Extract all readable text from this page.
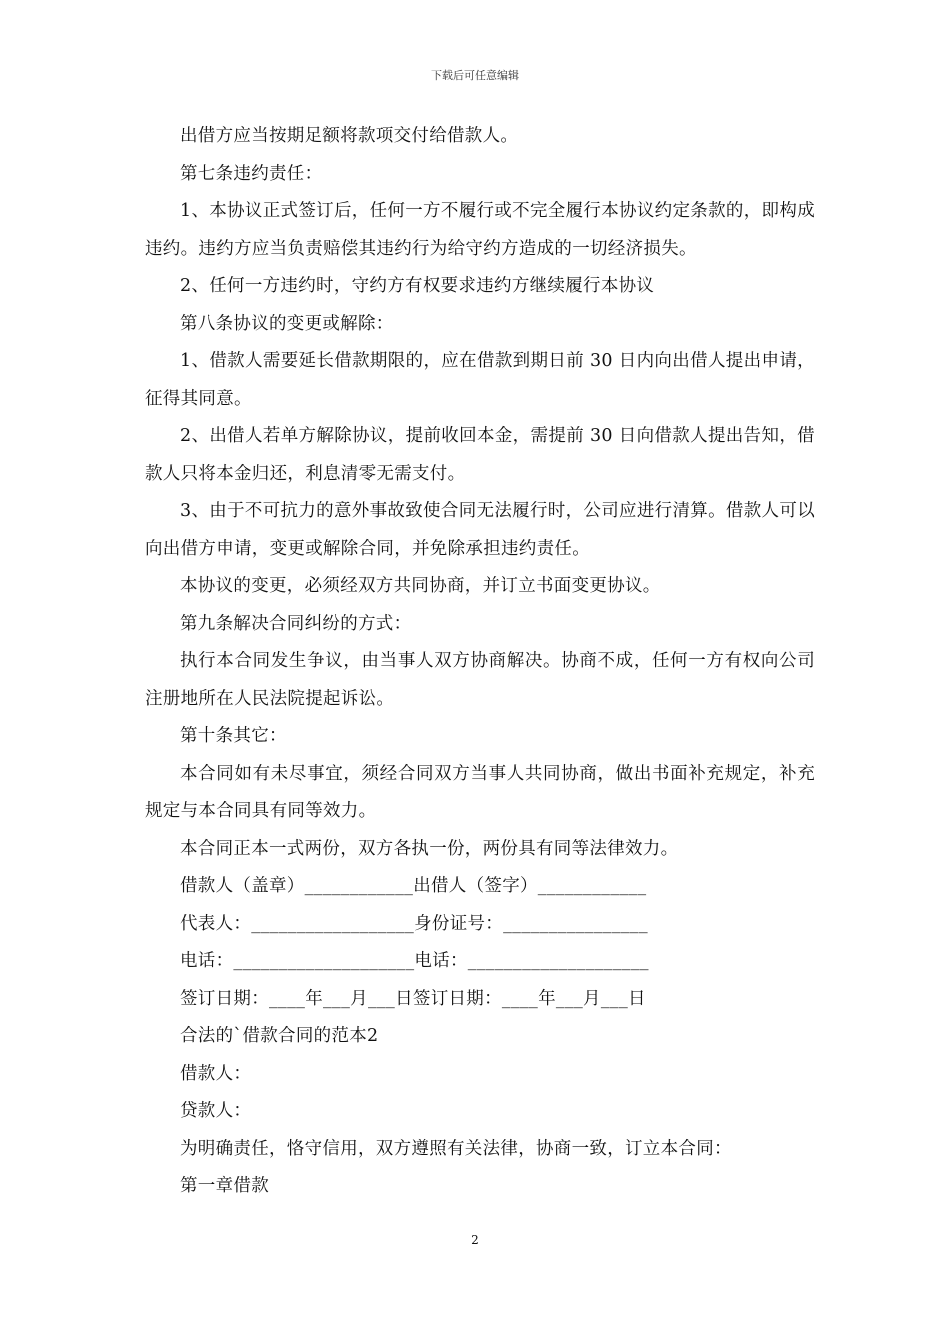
下载后可任意编辑

出借方应当按期足额将款项交付给借款人。

第七条违约责任：

1、本协议正式签订后，任何一方不履行或不完全履行本协议约定条款的，即构成违约。违约方应当负责赔偿其违约行为给守约方造成的一切经济损失。

2、任何一方违约时，守约方有权要求违约方继续履行本协议

第八条协议的变更或解除：

1、借款人需要延长借款期限的，应在借款到期日前 30 日内向出借人提出申请，征得其同意。

2、出借人若单方解除协议，提前收回本金，需提前 30 日向借款人提出告知，借款人只将本金归还，利息清零无需支付。

3、由于不可抗力的意外事故致使合同无法履行时，公司应进行清算。借款人可以向出借方申请，变更或解除合同，并免除承担违约责任。

本协议的变更，必须经双方共同协商，并订立书面变更协议。

第九条解决合同纠纷的方式：

执行本合同发生争议，由当事人双方协商解决。协商不成，任何一方有权向公司注册地所在人民法院提起诉讼。

第十条其它：

本合同如有未尽事宜，须经合同双方当事人共同协商，做出书面补充规定，补充规定与本合同具有同等效力。

本合同正本一式两份，双方各执一份，两份具有同等法律效力。

借款人（盖章）____________出借人（签字）____________

代表人：__________________身份证号：________________

电话：____________________电话：____________________

签订日期：____年___月___日签订日期：____年___月___日

合法的`借款合同的范本2

借款人：

贷款人：

为明确责任，恪守信用，双方遵照有关法律，协商一致，订立本合同：

第一章借款

2
